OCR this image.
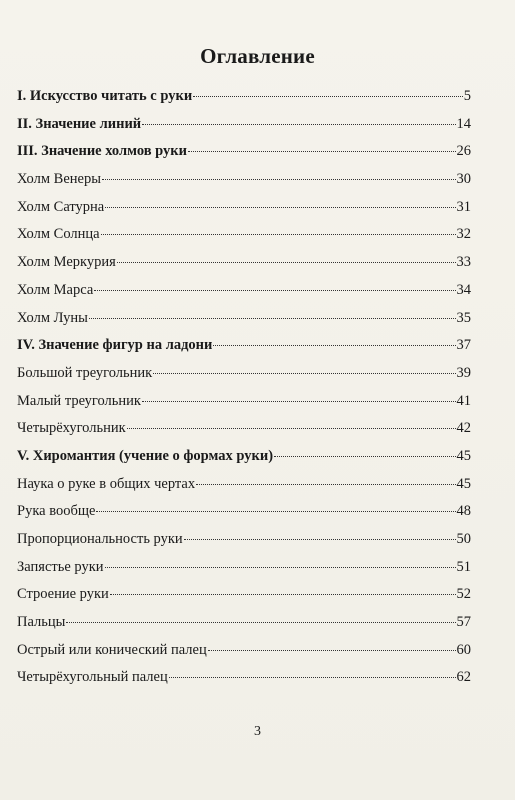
Оглавление
I. Искусство читать с руки	5
II. Значение линий	14
III. Значение холмов руки	26
Холм Венеры	30
Холм Сатурна	31
Холм Солнца	32
Холм Меркурия	33
Холм Марса	34
Холм Луны	35
IV. Значение фигур на ладони	37
Большой треугольник	39
Малый треугольник	41
Четырёхугольник	42
V. Хиромантия (учение о формах руки)	45
Наука о руке в общих чертах	45
Рука вообще	48
Пропорциональность руки	50
Запястье руки	51
Строение руки	52
Пальцы	57
Острый или конический палец	60
Четырёхугольный палец	62
3
